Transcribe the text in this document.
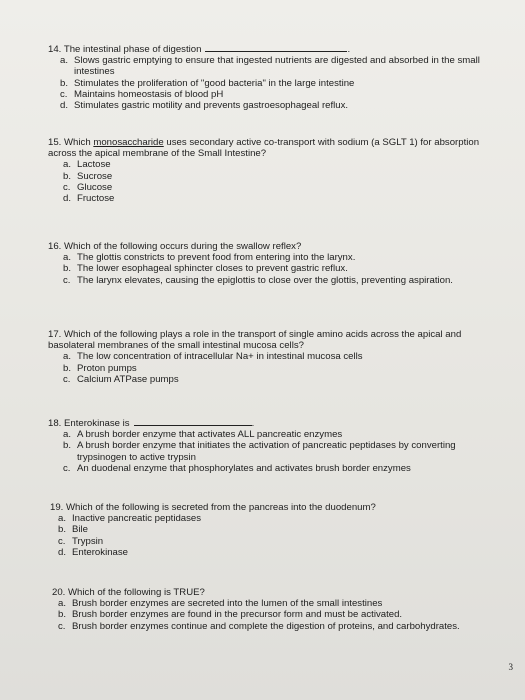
14. The intestinal phase of digestion	.
a. Slows gastric emptying to ensure that ingested nutrients are digested and absorbed in the small intestines
b. Stimulates the proliferation of "good bacteria" in the large intestine
c. Maintains homeostasis of blood pH
d. Stimulates gastric motility and prevents gastroesophageal reflux.
15. Which monosaccharide uses secondary active co-transport with sodium (a SGLT 1) for absorption across the apical membrane of the Small Intestine?
a. Lactose
b. Sucrose
c. Glucose
d. Fructose
16. Which of the following occurs during the swallow reflex?
a. The glottis constricts to prevent food from entering into the larynx.
b. The lower esophageal sphincter closes to prevent gastric reflux.
c. The larynx elevates, causing the epiglottis to close over the glottis, preventing aspiration.
17. Which of the following plays a role in the transport of single amino acids across the apical and basolateral membranes of the small intestinal mucosa cells?
a. The low concentration of intracellular Na+ in intestinal mucosa cells
b. Proton pumps
c. Calcium ATPase pumps
18. Enterokinase is	.
a. A brush border enzyme that activates ALL pancreatic enzymes
b. A brush border enzyme that initiates the activation of pancreatic peptidases by converting trypsinogen to active trypsin
c. An duodenal enzyme that phosphorylates and activates brush border enzymes
19. Which of the following is secreted from the pancreas into the duodenum?
a. Inactive pancreatic peptidases
b. Bile
c. Trypsin
d. Enterokinase
20. Which of the following is TRUE?
a. Brush border enzymes are secreted into the lumen of the small intestines
b. Brush border enzymes are found in the precursor form and must be activated.
c. Brush border enzymes continue and complete the digestion of proteins, and carbohydrates.
3
